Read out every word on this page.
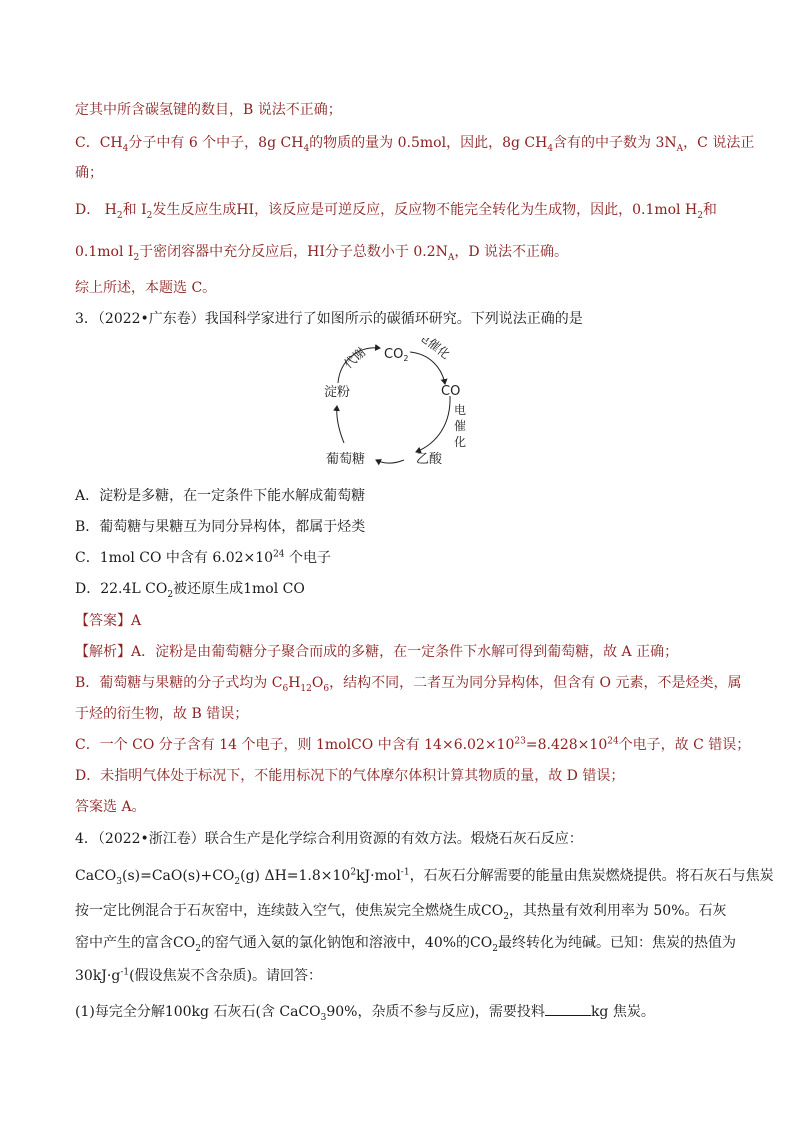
定其中所含碳氢键的数目，B 说法不正确；
C．$CH_4$分子中有 6 个中子，8g $CH_4$的物质的量为 0.5mol，因此，8g $CH_4$含有的中子数为 $3N_A$，C 说法正
确；
D． $H_2$和 $I_2$发生反应生成HI，该反应是可逆反应，反应物不能完全转化为生成物，因此，0.1mol $H_2$和
0.1mol $I_2$于密闭容器中充分反应后，HI分子总数小于 $0.2N_A$，D 说法不正确。
综上所述，本题选 C。
3．（2022•广东卷）我国科学家进行了如图所示的碳循环研究。下列说法正确的是
$CO_2$
CO
淀粉
葡萄糖	乙酸
代谢	电催化
电
催
化
A．淀粉是多糖，在一定条件下能水解成葡萄糖
B．葡萄糖与果糖互为同分异构体，都属于烃类
C．1mol CO 中含有 $6.02\times 10^{24}$ 个电子
D．22.4L $CO_2$被还原生成1mol CO
【答案】A
【解析】A．淀粉是由葡萄糖分子聚合而成的多糖，在一定条件下水解可得到葡萄糖，故 A 正确；
B．葡萄糖与果糖的分子式均为 $C_6H_{12}O_6$，结构不同，二者互为同分异构体，但含有 O 元素，不是烃类，属
于烃的衍生物，故 B 错误；
C．一个 CO 分子含有 14 个电子，则 1molCO 中含有 $14\times 6.02\times 10^{23}=8.428\times 10^{24}$个电子，故 C 错误；
D．未指明气体处于标况下，不能用标况下的气体摩尔体积计算其物质的量，故 D 错误；
答案选 A。
4．（2022•浙江卷）联合生产是化学综合利用资源的有效方法。煅烧石灰石反应：
$CaCO_3(s)=CaO(s)+CO_2(g)$ $\Delta H=1.8\times 10^2kJ\cdot mol^{-1}$，石灰石分解需要的能量由焦炭燃烧提供。将石灰石与焦炭
按一定比例混合于石灰窑中，连续鼓入空气，使焦炭完全燃烧生成$CO_2$，其热量有效利用率为 50%。石灰
窑中产生的富含$CO_2$的窑气通入氨的氯化钠饱和溶液中，40%的$CO_2$最终转化为纯碱。已知：焦炭的热值为
$30kJ\cdot g^{-1}$(假设焦炭不含杂质)。请回答：
(1)每完全分解100kg 石灰石(含 CaCO$_3$90%，杂质不参与反应)，需要投料	kg 焦炭。
